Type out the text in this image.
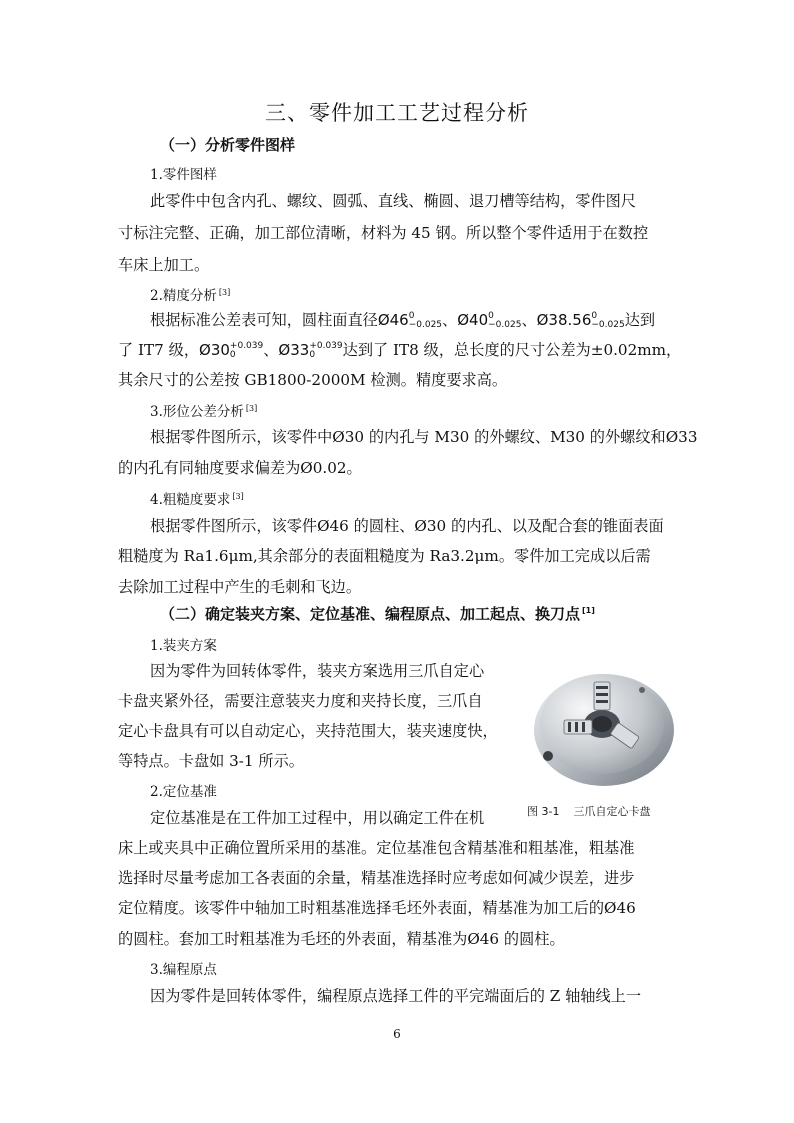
三、零件加工工艺过程分析
（一）分析零件图样
1.零件图样
此零件中包含内孔、螺纹、圆弧、直线、椭圆、退刀槽等结构，零件图尺
寸标注完整、正确，加工部位清晰，材料为 45 钢。所以整个零件适用于在数控
车床上加工。
2.精度分析 [3]
根据标准公差表可知，圆柱面直径Ø46 0
−0.025 、Ø40 0
−0.025 、Ø38.56 0
−0.025 达到
了 IT7 级，Ø30 +0.039
0	、Ø33 +0.039
0	达到了 IT8 级，总长度的尺寸公差为±0.02mm，
其余尺寸的公差按 GB1800-2000M 检测。精度要求高。
3.形位公差分析 [3]
根据零件图所示，该零件中Ø30 的内孔与 M30 的外螺纹、M30 的外螺纹和Ø33
的内孔有同轴度要求偏差为Ø0.02。
4.粗糙度要求 [3]
根据零件图所示，该零件Ø46 的圆柱、Ø30 的内孔、以及配合套的锥面表面
粗糙度为 Ra1.6μm,其余部分的表面粗糙度为 Ra3.2μm。零件加工完成以后需
去除加工过程中产生的毛刺和飞边。
（二）确定装夹方案、定位基准、编程原点、加工起点、换刀点 [1]
1.装夹方案
因为零件为回转体零件，装夹方案选用三爪自定心
卡盘夹紧外径，需要注意装夹力度和夹持长度，三爪自
定心卡盘具有可以自动定心，夹持范围大，装夹速度快，
等特点。卡盘如 3-1 所示。
图 3-1 三爪自定心卡盘
2.定位基准
定位基准是在工件加工过程中，用以确定工件在机
床上或夹具中正确位置所采用的基准。定位基准包含精基准和粗基准，粗基准
选择时尽量考虑加工各表面的余量，精基准选择时应考虑如何减少误差，进步
定位精度。该零件中轴加工时粗基准选择毛坯外表面，精基准为加工后的Ø46
的圆柱。套加工时粗基准为毛坯的外表面，精基准为Ø46 的圆柱。
3.编程原点
因为零件是回转体零件，编程原点选择工件的平完端面后的 Z 轴轴线上一
6
